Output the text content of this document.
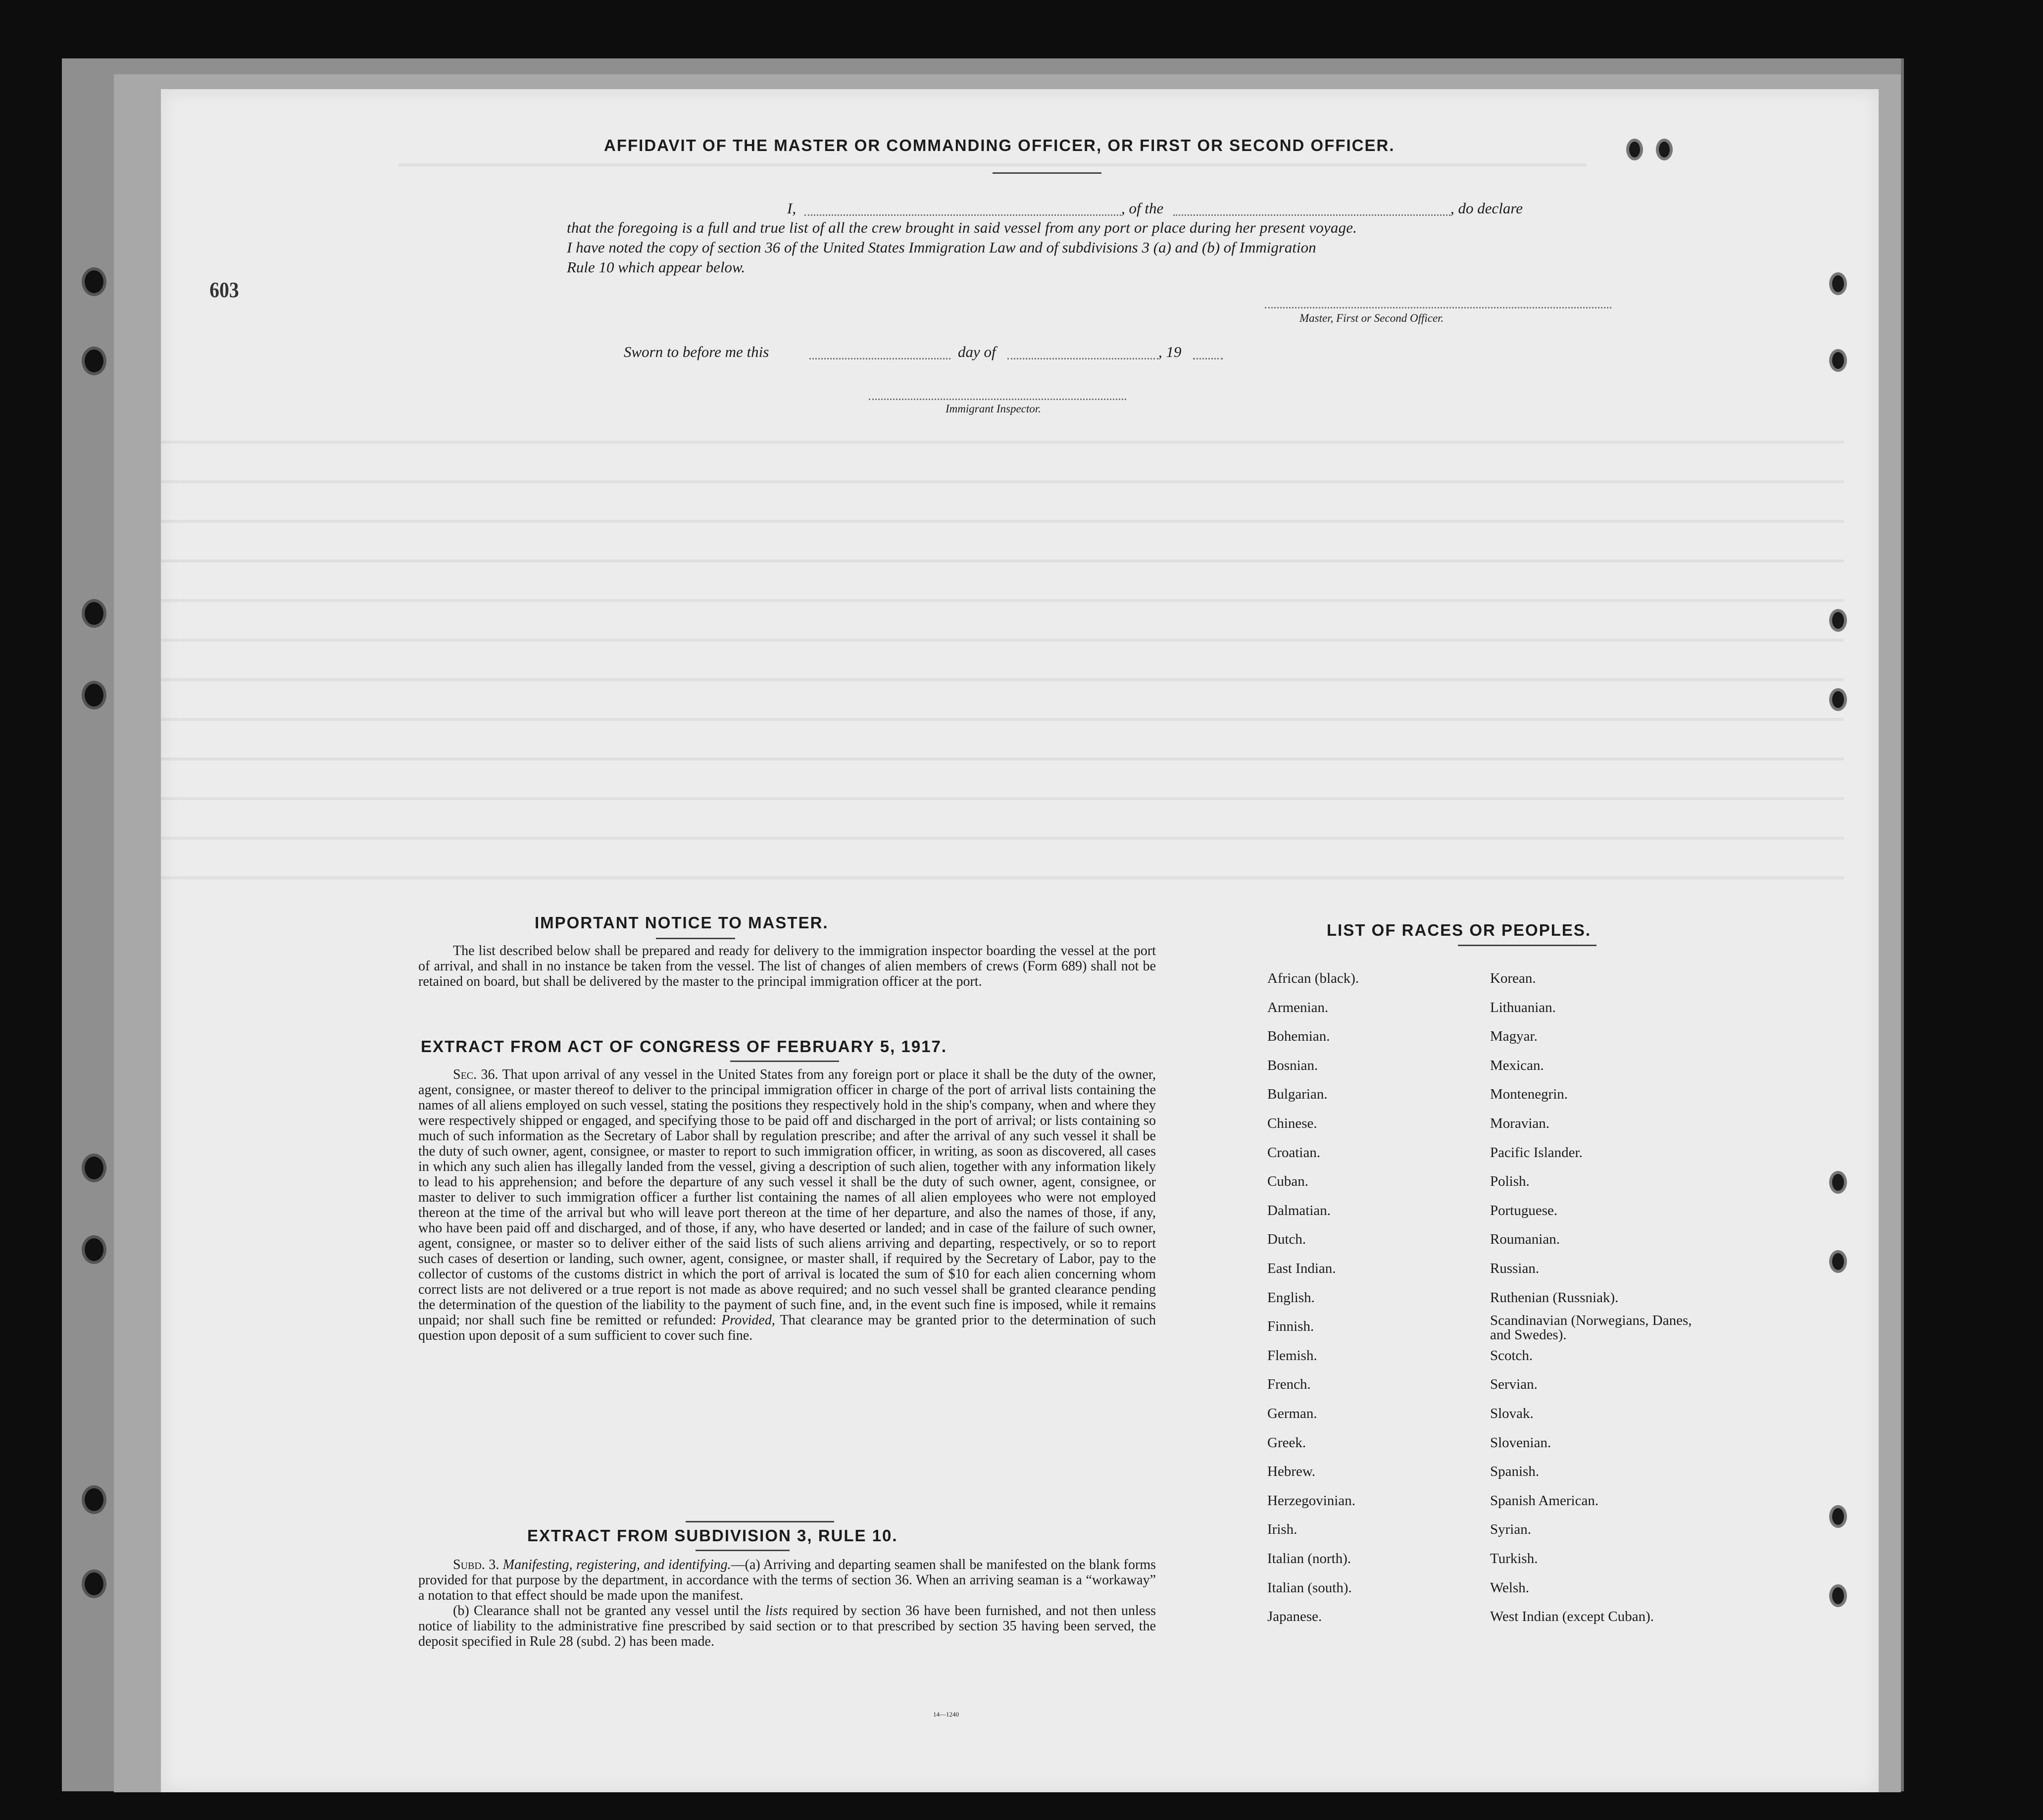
603
AFFIDAVIT OF THE MASTER OR COMMANDING OFFICER, OR FIRST OR SECOND OFFICER.
I,	, of the	, do declare
that the foregoing is a full and true list of all the crew brought in said vessel from any port or place during her present voyage.
I have noted the copy of section 36 of the United States Immigration Law and of subdivisions 3 (a) and (b) of Immigration
Rule 10 which appear below.
Master, First or Second Officer.
Sworn to before me this	day of	, 19
Immigrant Inspector.
IMPORTANT NOTICE TO MASTER.

The list described below shall be prepared and ready for delivery to the immigration inspector boarding the vessel at the port of arrival, and shall in no instance be taken from the vessel. The list of changes of alien members of crews (Form 689) shall not be retained on board, but shall be delivered by the master to the principal immigration officer at the port.

EXTRACT FROM ACT OF CONGRESS OF FEBRUARY 5, 1917.

Sec. 36. That upon arrival of any vessel in the United States from any foreign port or place it shall be the duty of the owner, agent, consignee, or master thereof to deliver to the principal immigration officer in charge of the port of arrival lists containing the names of all aliens employed on such vessel, stating the positions they respectively hold in the ship's company, when and where they were respectively shipped or engaged, and specifying those to be paid off and discharged in the port of arrival; or lists containing so much of such information as the Secretary of Labor shall by regulation prescribe; and after the arrival of any such vessel it shall be the duty of such owner, agent, consignee, or master to report to such immigration officer, in writing, as soon as discovered, all cases in which any such alien has illegally landed from the vessel, giving a description of such alien, together with any information likely to lead to his apprehension; and before the departure of any such vessel it shall be the duty of such owner, agent, consignee, or master to deliver to such immigration officer a further list containing the names of all alien employees who were not employed thereon at the time of the arrival but who will leave port thereon at the time of her departure, and also the names of those, if any, who have been paid off and discharged, and of those, if any, who have deserted or landed; and in case of the failure of such owner, agent, consignee, or master so to deliver either of the said lists of such aliens arriving and departing, respectively, or so to report such cases of desertion or landing, such owner, agent, consignee, or master shall, if required by the Secretary of Labor, pay to the collector of customs of the customs district in which the port of arrival is located the sum of $10 for each alien concerning whom correct lists are not delivered or a true report is not made as above required; and no such vessel shall be granted clearance pending the determination of the question of the liability to the payment of such fine, and, in the event such fine is imposed, while it remains unpaid; nor shall such fine be remitted or refunded: Provided, That clearance may be granted prior to the determination of such question upon deposit of a sum sufficient to cover such fine.

EXTRACT FROM SUBDIVISION 3, RULE 10.

Subd. 3. Manifesting, registering, and identifying.—(a) Arriving and departing seamen shall be manifested on the blank forms provided for that purpose by the department, in accordance with the terms of section 36. When an arriving seaman is a “workaway” a notation to that effect should be made upon the manifest.

(b) Clearance shall not be granted any vessel until the lists required by section 36 have been furnished, and not then unless notice of liability to the administrative fine prescribed by said section or to that prescribed by section 35 having been served, the deposit specified in Rule 28 (subd. 2) has been made.

14—1240
LIST OF RACES OR PEOPLES.
African (black).
Armenian.
Bohemian.
Bosnian.
Bulgarian.
Chinese.
Croatian.
Cuban.
Dalmatian.
Dutch.
East Indian.
English.
Finnish.
Flemish.
French.
German.
Greek.
Hebrew.
Herzegovinian.
Irish.
Italian (north).
Italian (south).
Japanese.
Korean.
Lithuanian.
Magyar.
Mexican.
Montenegrin.
Moravian.
Pacific Islander.
Polish.
Portuguese.
Roumanian.
Russian.
Ruthenian (Russniak).
Scandinavian (Norwegians, Danes, and Swedes).
Scotch.
Servian.
Slovak.
Slovenian.
Spanish.
Spanish American.
Syrian.
Turkish.
Welsh.
West Indian (except Cuban).
